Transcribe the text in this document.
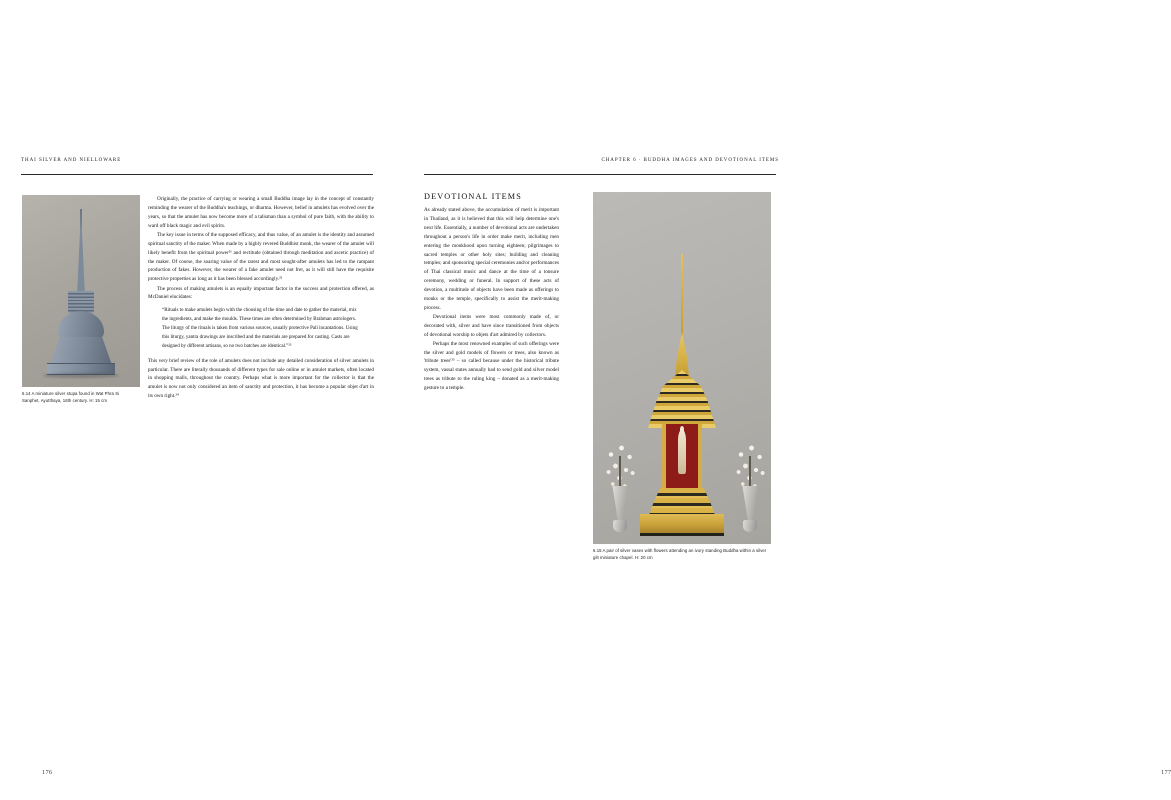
THAI SILVER AND NIELLOWARE
6.14 A miniature silver stupa found in Wat Phra Si Sanphet, Ayutthaya, 16th century. H: 15 cm

Originally, the practice of carrying or wearing a small Buddha image lay in the concept of constantly reminding the wearer of the Buddha's teachings, or dharma. However, belief in amulets has evolved over the years, so that the amulet has now become more of a talisman than a symbol of pure faith, with the ability to ward off black magic and evil spirits.

The key issue in terms of the supposed efficacy, and thus value, of an amulet is the identity and assumed spiritual sanctity of the maker. When made by a highly revered Buddhist monk, the wearer of the amulet will likely benefit from the spiritual power²¹ and rectitude (obtained through meditation and ascetic practice) of the maker. Of course, the soaring value of the rarest and most sought-after amulets has led to the rampant production of fakes. However, the wearer of a fake amulet need not fret, as it will still have the requisite protective properties as long as it has been blessed accordingly.²²

The process of making amulets is an equally important factor in the success and protection offered, as McDaniel elucidates:

“Rituals to make amulets begin with the choosing of the time and date to gather the material, mix the ingredients, and make the moulds. These times are often determined by Brahman astrologers. The liturgy of the rituals is taken from various sources, usually protective Pali incantations. Using this liturgy, yantra drawings are inscribed and the materials are prepared for casting. Casts are designed by different artisans, so no two batches are identical.”²³

This very brief review of the role of amulets does not include any detailed consideration of silver amulets in particular. There are literally thousands of different types for sale online or in amulet markets, often located in shopping malls, throughout the country. Perhaps what is more important for the collector is that the amulet is now not only considered an item of sanctity and protection, it has become a popular objet d'art in its own right.²⁴

176
CHAPTER 6 · BUDDHA IMAGES AND DEVOTIONAL ITEMS
DEVOTIONAL ITEMS

As already stated above, the accumulation of merit is important in Thailand, as it is believed that this will help determine one's next life. Essentially, a number of devotional acts are undertaken throughout a person's life in order make merit, including men entering the monkhood upon turning eighteen; pilgrimages to sacred temples or other holy sites; building and cleaning temples; and sponsoring special ceremonies and/or performances of Thai classical music and dance at the time of a tonsure ceremony, wedding or funeral. In support of these acts of devotion, a multitude of objects have been made as offerings to monks or the temple, specifically to assist the merit-making process.

Devotional items were most commonly made of, or decorated with, silver and have since transitioned from objects of devotional worship to objets d'art admired by collectors.

Perhaps the most renowned examples of such offerings were the silver and gold models of flowers or trees, also known as 'tribute trees'²⁵ – so called because under the historical tribute system, vassal states annually had to send gold and silver model trees as tribute to the ruling king – donated as a merit-making gesture to a temple.

6.15 A pair of silver vases with flowers attending an ivory standing Buddha within a silver gilt miniature chapel. H: 20 cm
177
